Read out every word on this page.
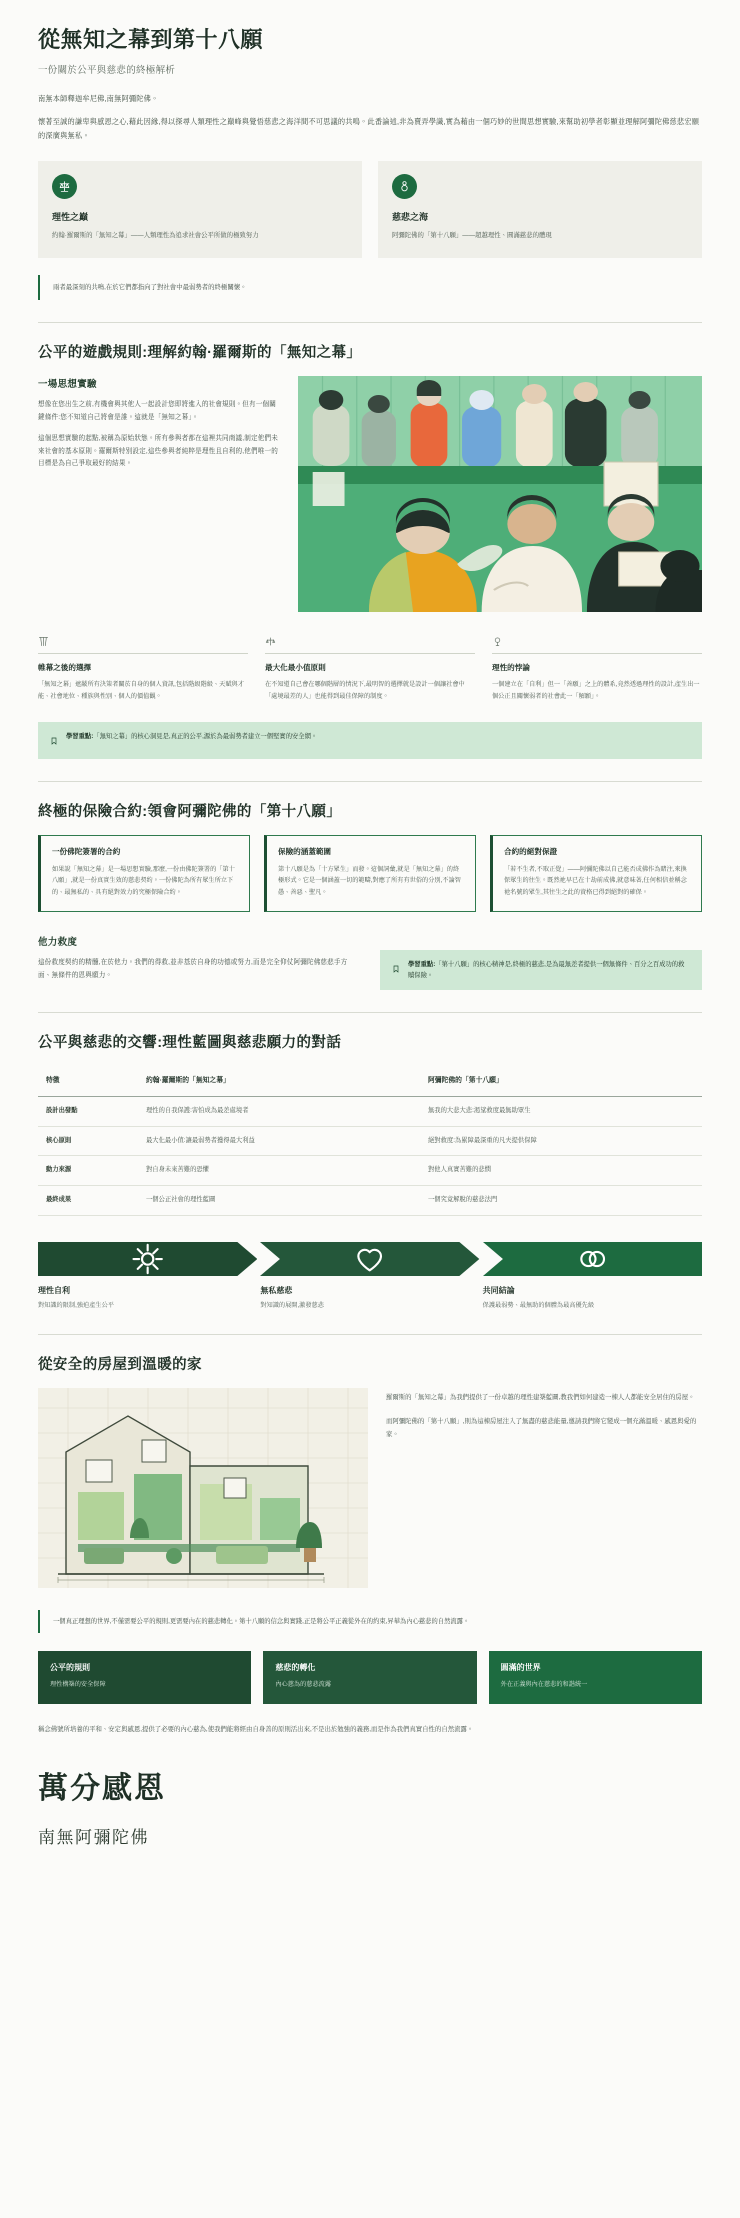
從無知之幕到第十八願
一份關於公平與慈悲的終極解析

南無本師釋迦牟尼佛,南無阿彌陀佛。

懷著至誠的謙卑與感恩之心,藉此因緣,得以探尋人類理性之巔峰與覺悟慈悲之海洋間不可思議的共鳴。此番論述,非為賣弄學識,實為藉由一個巧妙的世間思想實驗,來幫助初學者彰顯並理解阿彌陀佛慈悲宏願的深廣與無私。

理性之巔

約翰·羅爾斯的「無知之幕」——人類理性為追求社會公平所做的極致努力

慈悲之海

阿彌陀佛的「第十八願」——超越理性、圓滿慈悲的體現

兩者最深刻的共鳴,在於它們都指向了對社會中最弱勢者的終極關懷。

公平的遊戲規則:理解約翰·羅爾斯的「無知之幕」
一場思想實驗

想像在您出生之前,有機會與其他人一起設計您即將進入的社會規則。但有一個關鍵條件:您不知道自己將會是誰。這就是「無知之幕」。

這個思想實驗的起點,被稱為原始狀態。所有參與者都在這裡共同商議,制定他們未來社會的基本原則。羅爾斯特別設定,這些參與者純粹是理性且自利的,他們唯一的目標是為自己爭取最好的結果。

帷幕之後的選擇

「無知之幕」遮蔽所有決策者關於自身的個人資訊,包括階級階級、天賦與才能、社會地位、種族與性別、個人的價值觀。

最大化最小值原則

在不知道自己會在哪個階層的情況下,最明智的選擇就是設計一個讓社會中「處境最差的人」也能得到最佳保障的制度。

理性的悖論

一個建立在「自利」但一「善願」之上的體系,竟然透過理性的設計,產生出一個公正且關懷弱者的社會此一「解願」。

學習重點:「無知之幕」的核心洞見是,真正的公平,源於為最弱勢者建立一個堅實的安全網。

終極的保險合約:領會阿彌陀佛的「第十八願」
一份佛陀簽署的合約

如果說「無知之幕」是一場思想實驗,那麼,一份由佛陀簽署的「第十八願」,就是一份真實生效的慈悲契約。一份佛陀為所有眾生所立下的、最無私的、具有絕對效力的究極保險合約。

保險的涵蓋範圍

第十八願是為「十方眾生」而發。這個詞彙,就是「無知之幕」的終極形式。它是一個涵蓋一切的範疇,對應了所有有世俗的分別,不論智愚、善惡、聖凡。

合約的絕對保證

「若不生者,不取正覺」——阿彌陀佛以自己能否成佛作為賭注,來換保眾生的往生。既然祂早已在十劫前成佛,就意味著,任何相信並稱念祂名號的眾生,其往生之此的資格已得到絕對的確保。

他力救度

這份救度契約的精髓,在於他力。我們的得救,並非基於自身的功德或努力,而是完全仰仗阿彌陀佛慈悲手方面、無條件的恩與願力。

學習重點:「第十八願」的核心精神是,終極的慈悲,是為最無差者提供一個無條件、百分之百成功的救贖保險。

公平與慈悲的交響:理性藍圖與慈悲願力的對話
特徵	約翰·羅爾斯的「無知之幕」	阿彌陀佛的「第十八願」
設計出發點	理性的自我保護:害怕成為最差處境者	無我的大悲大悲:渴望救度最無助眾生
核心原則	最大化最小值:讓最弱勢者獲得最大利益	絕對救度:為累障最深重的凡夫提供保障
動力來源	對自身未來苦難的恐懼	對他人真實苦難的悲憫
最終成果	一個公正社會的理性藍圖	一個究竟解脫的慈悲法門
理性自利

對知識的限制,強迫產生公平

無私慈悲

對知識的展開,激發慈悲

共同結論

保護最弱勢、最無助的個體為最高優先級

從安全的房屋到溫暖的家

羅爾斯的「無知之幕」為我們提供了一份卓越的理性建築藍圖,教我們如何建造一棟人人都能安全居住的房屋。

而阿彌陀佛的「第十八願」,則為這棟房屋注入了無盡的慈悲能量,邀請我們將它變成一個充滿溫暖、感恩與愛的家。

一個真正理想的世界,不僅需要公平的規則,更需要內在的慈悲轉化。第十八願的信念與實踐,正是將公平正義從外在的約束,昇華為內心慈悲的自然流露。

公平的規則

理性構築的安全保障

慈悲的轉化

內心慈為的慈悲流露

圓滿的世界

外在正義與內在慈悲的和諧統一

稱念佛號所培養的平和、安定與感恩,提供了必要的內心慈為,使我們能將經由自身善的原則活出來,不是出於勉強的義務,而是作為我們真實自性的自然流露。

萬分感恩
南無阿彌陀佛
